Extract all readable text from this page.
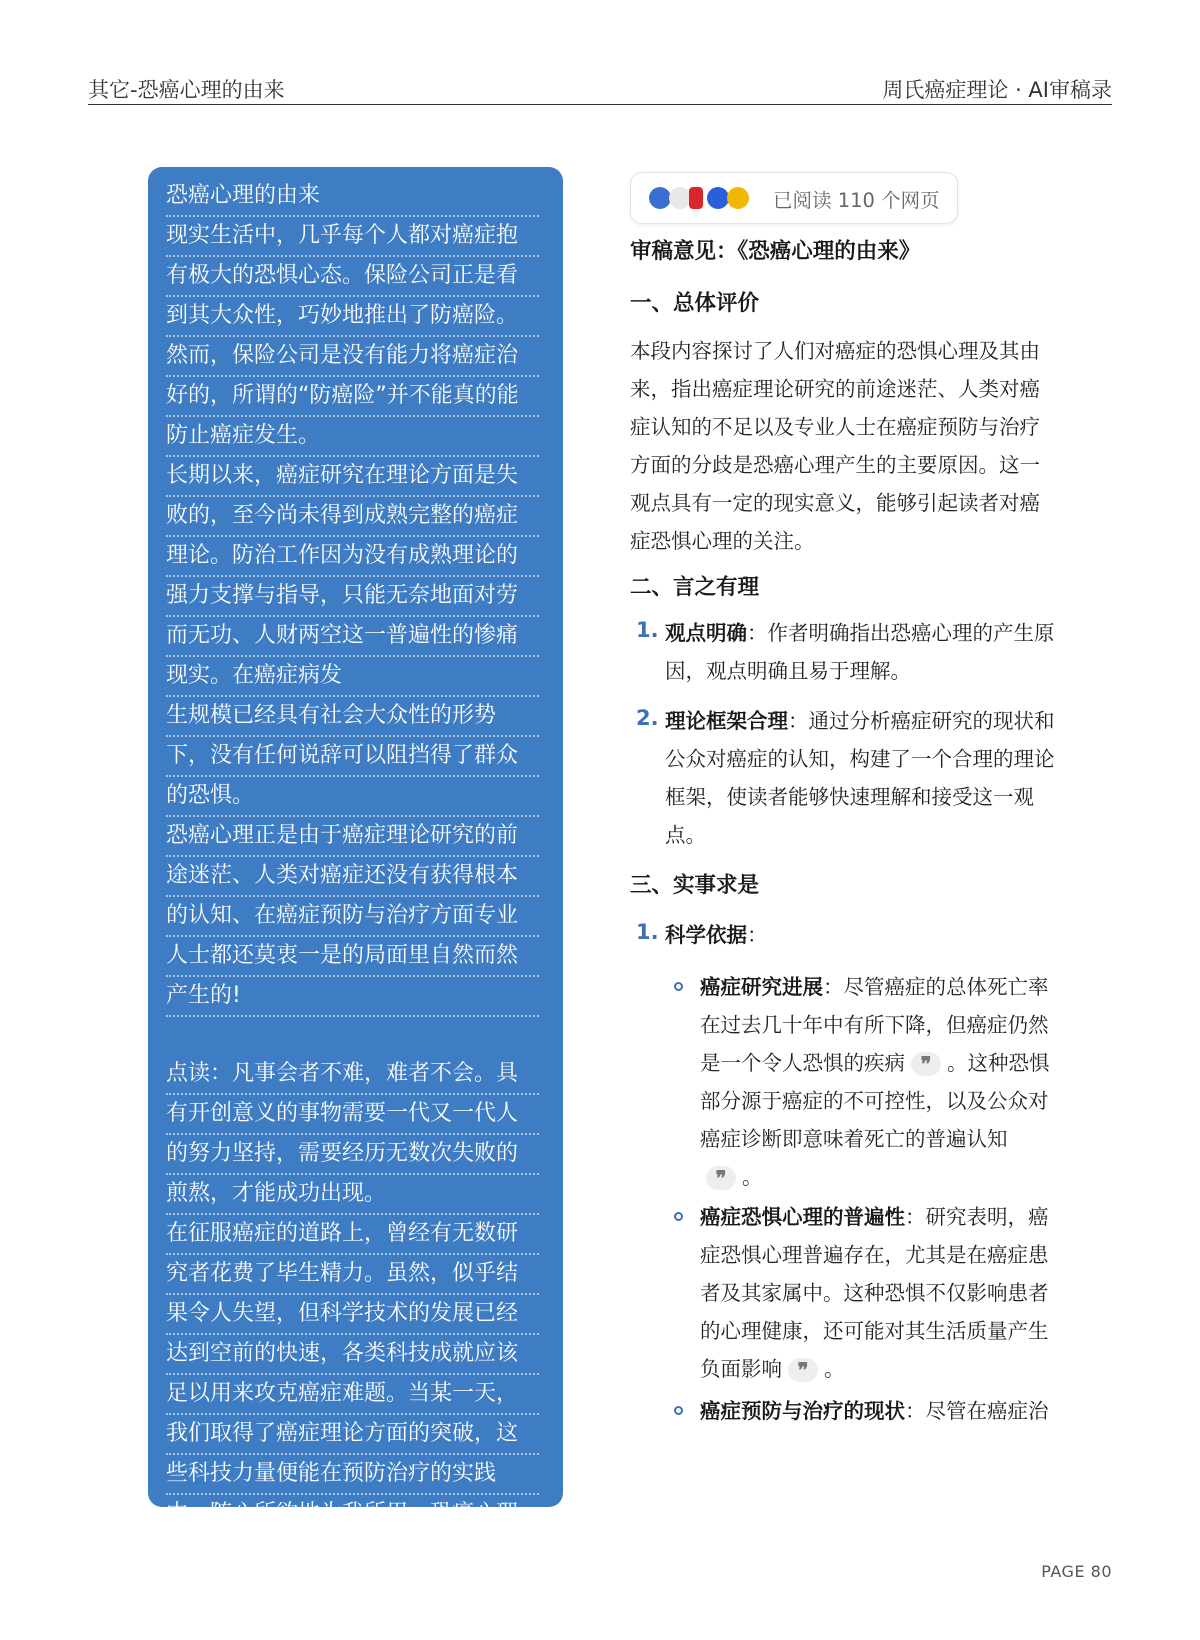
其它-恐癌心理的由来	周氏癌症理论 · AI审稿录
恐癌心理的由来
现实生活中，几乎每个人都对癌症抱
有极大的恐惧心态。保险公司正是看
到其大众性，巧妙地推出了防癌险。
然而，保险公司是没有能力将癌症治
好的，所谓的“防癌险”并不能真的能
防止癌症发生。
长期以来，癌症研究在理论方面是失
败的，至今尚未得到成熟完整的癌症
理论。防治工作因为没有成熟理论的
强力支撑与指导，只能无奈地面对劳
而无功、人财两空这一普遍性的惨痛
现实。在癌症病发
生规模已经具有社会大众性的形势
下，没有任何说辞可以阻挡得了群众
的恐惧。
恐癌心理正是由于癌症理论研究的前
途迷茫、人类对癌症还没有获得根本
的认知、在癌症预防与治疗方面专业
人士都还莫衷一是的局面里自然而然
产生的!
点读：凡事会者不难，难者不会。具
有开创意义的事物需要一代又一代人
的努力坚持，需要经历无数次失败的
煎熬，才能成功出现。
在征服癌症的道路上，曾经有无数研
究者花费了毕生精力。虽然，似乎结
果令人失望，但科学技术的发展已经
达到空前的快速，各类科技成就应该
足以用来攻克癌症难题。当某一天，
我们取得了癌症理论方面的突破，这
些科技力量便能在预防治疗的实践
中，随心所欲地为我所用。恐癌心理
将不复存在。
已阅读 110 个网页
审稿意见：《恐癌心理的由来》
一、总体评价
本段内容探讨了人们对癌症的恐惧心理及其由
来，指出癌症理论研究的前途迷茫、人类对癌
症认知的不足以及专业人士在癌症预防与治疗
方面的分歧是恐癌心理产生的主要原因。这一
观点具有一定的现实意义，能够引起读者对癌
症恐惧心理的关注。
二、言之有理
1. 观点明确：作者明确指出恐癌心理的产生原
因，观点明确且易于理解。
2. 理论框架合理：通过分析癌症研究的现状和
公众对癌症的认知，构建了一个合理的理论
框架，使读者能够快速理解和接受这一观
点。
三、实事求是
1. 科学依据：
癌症研究进展：尽管癌症的总体死亡率
在过去几十年中有所下降，但癌症仍然
是一个令人恐惧的疾病 ❞ 。这种恐惧
部分源于癌症的不可控性，以及公众对
癌症诊断即意味着死亡的普遍认知
❞ 。
癌症恐惧心理的普遍性：研究表明，癌
症恐惧心理普遍存在，尤其是在癌症患
者及其家属中。这种恐惧不仅影响患者
的心理健康，还可能对其生活质量产生
负面影响 ❞ 。
癌症预防与治疗的现状：尽管在癌症治
PAGE 80
